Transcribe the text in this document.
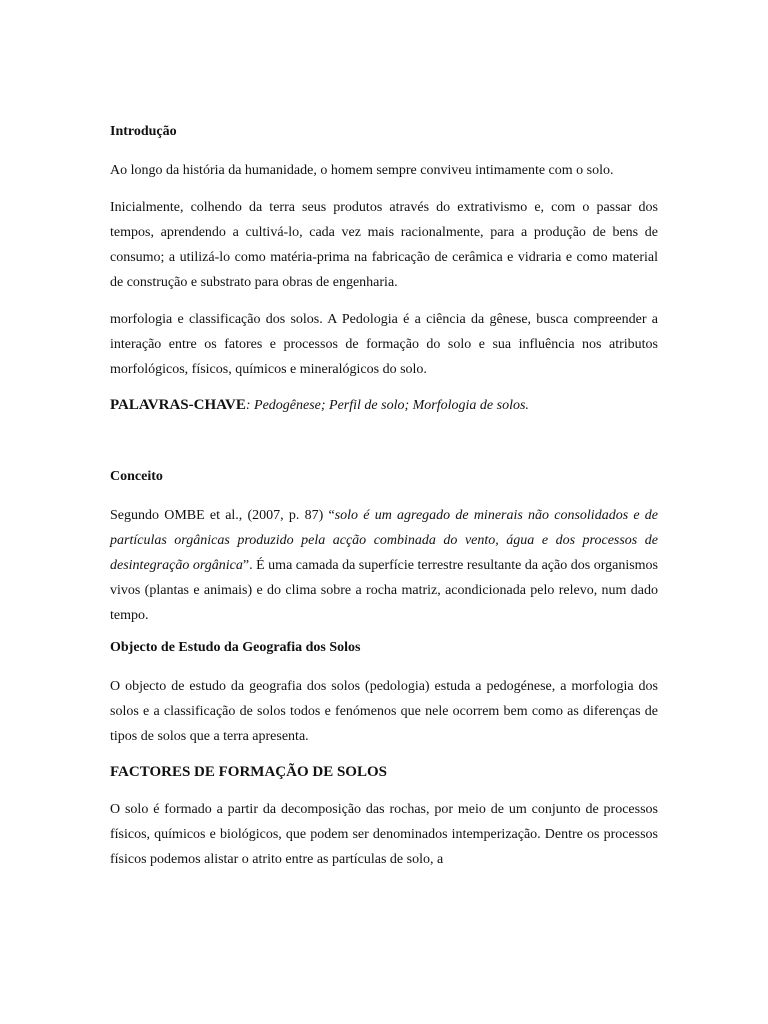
Introdução

Ao longo da história da humanidade, o homem sempre conviveu intimamente com o solo.

Inicialmente, colhendo da terra seus produtos através do extrativismo e, com o passar dos tempos, aprendendo a cultivá-lo, cada vez mais racionalmente, para a produção de bens de consumo; a utilizá-lo como matéria-prima na fabricação de cerâmica e vidraria e como material de construção e substrato para obras de engenharia.

morfologia e classificação dos solos. A Pedologia é a ciência da gênese, busca compreender a interação entre os fatores e processos de formação do solo e sua influência nos atributos morfológicos, físicos, químicos e mineralógicos do solo.

PALAVRAS-CHAVE: Pedogênese; Perfil de solo; Morfologia de solos.

Conceito

Segundo OMBE et al., (2007, p. 87) “solo é um agregado de minerais não consolidados e de partículas orgânicas produzido pela acção combinada do vento, água e dos processos de desintegração orgânica”. É uma camada da superfície terrestre resultante da ação dos organismos vivos (plantas e animais) e do clima sobre a rocha matriz, acondicionada pelo relevo, num dado tempo.

Objecto de Estudo da Geografia dos Solos

O objecto de estudo da geografia dos solos (pedologia) estuda a pedogénese, a morfologia dos solos e a classificação de solos todos e fenómenos que nele ocorrem bem como as diferenças de tipos de solos que a terra apresenta.

FACTORES DE FORMAÇÃO DE SOLOS

O solo é formado a partir da decomposição das rochas, por meio de um conjunto de processos físicos, químicos e biológicos, que podem ser denominados intemperização. Dentre os processos físicos podemos alistar o atrito entre as partículas de solo, a
